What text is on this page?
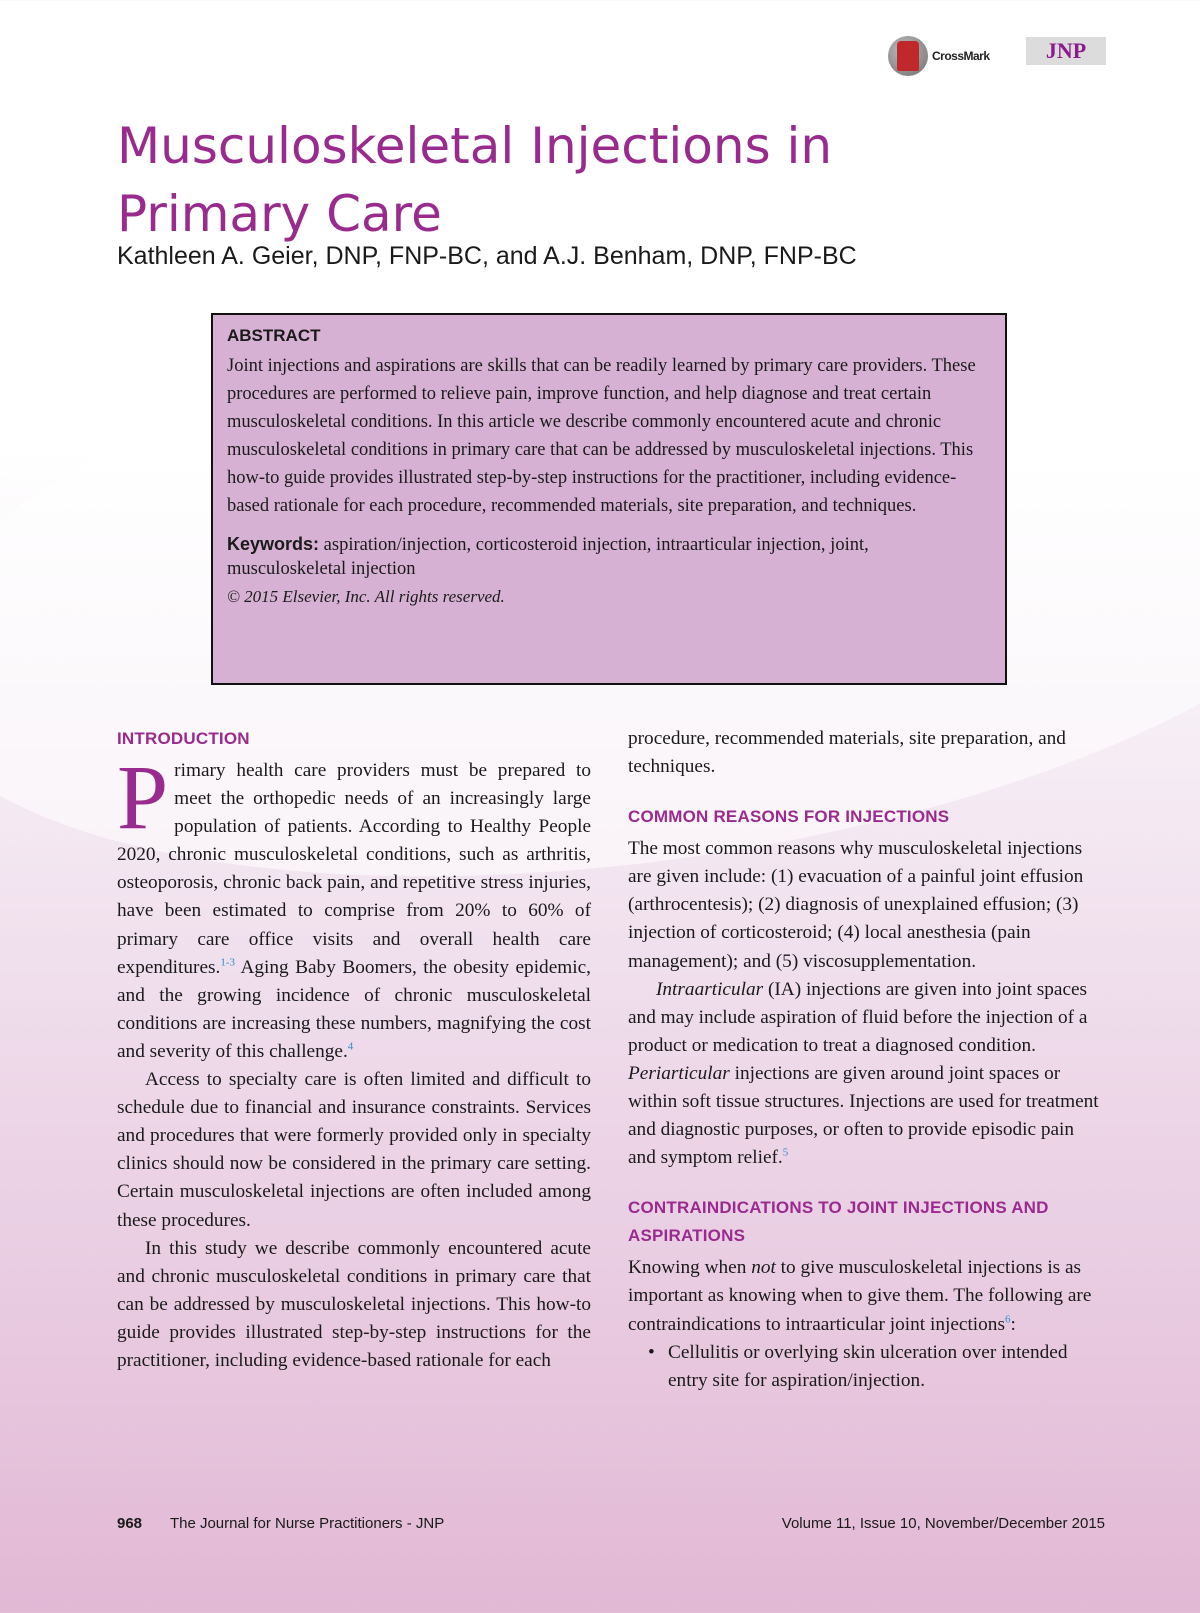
CrossMark	JNP
Musculoskeletal Injections in
Primary Care
Kathleen A. Geier, DNP, FNP-BC, and A.J. Benham, DNP, FNP-BC

ABSTRACT

Joint injections and aspirations are skills that can be readily learned by primary care providers. These procedures are performed to relieve pain, improve function, and help diagnose and treat certain musculoskeletal conditions. In this article we describe commonly encountered acute and chronic musculoskeletal conditions in primary care that can be addressed by musculoskeletal injections. This how-to guide provides illustrated step-by-step instructions for the practitioner, including evidence-based rationale for each procedure, recommended materials, site preparation, and techniques.

Keywords: aspiration/injection, corticosteroid injection, intraarticular injection, joint, musculoskeletal injection

© 2015 Elsevier, Inc. All rights reserved.

INTRODUCTION

Primary health care providers must be prepared to meet the orthopedic needs of an increasingly large population of patients. According to Healthy People 2020, chronic musculoskeletal conditions, such as arthritis, osteoporosis, chronic back pain, and repetitive stress injuries, have been estimated to comprise from 20% to 60% of primary care office visits and overall health care expenditures.$^{1-3}$ Aging Baby Boomers, the obesity epidemic, and the growing incidence of chronic musculoskeletal conditions are increasing these numbers, magnifying the cost and severity of this challenge.$^4$

Access to specialty care is often limited and difficult to schedule due to financial and insurance constraints. Services and procedures that were formerly provided only in specialty clinics should now be considered in the primary care setting. Certain musculoskeletal injections are often included among these procedures.

In this study we describe commonly encountered acute and chronic musculoskeletal conditions in primary care that can be addressed by musculoskeletal injections. This how-to guide provides illustrated step-by-step instructions for the practitioner, including evidence-based rationale for each

procedure, recommended materials, site preparation, and techniques.

COMMON REASONS FOR INJECTIONS

The most common reasons why musculoskeletal injections are given include: (1) evacuation of a painful joint effusion (arthrocentesis); (2) diagnosis of unexplained effusion; (3) injection of corticosteroid; (4) local anesthesia (pain management); and (5) viscosupplementation.

Intraarticular (IA) injections are given into joint spaces and may include aspiration of fluid before the injection of a product or medication to treat a diagnosed condition. Periarticular injections are given around joint spaces or within soft tissue structures. Injections are used for treatment and diagnostic purposes, or often to provide episodic pain and symptom relief.$^5$

CONTRAINDICATIONS TO JOINT INJECTIONS AND ASPIRATIONS

Knowing when not to give musculoskeletal injections is as important as knowing when to give them. The following are contraindications to intraarticular joint injections$^6$:

• Cellulitis or overlying skin ulceration over intended entry site for aspiration/injection.
968 The Journal for Nurse Practitioners - JNP	Volume 11, Issue 10, November/December 2015
